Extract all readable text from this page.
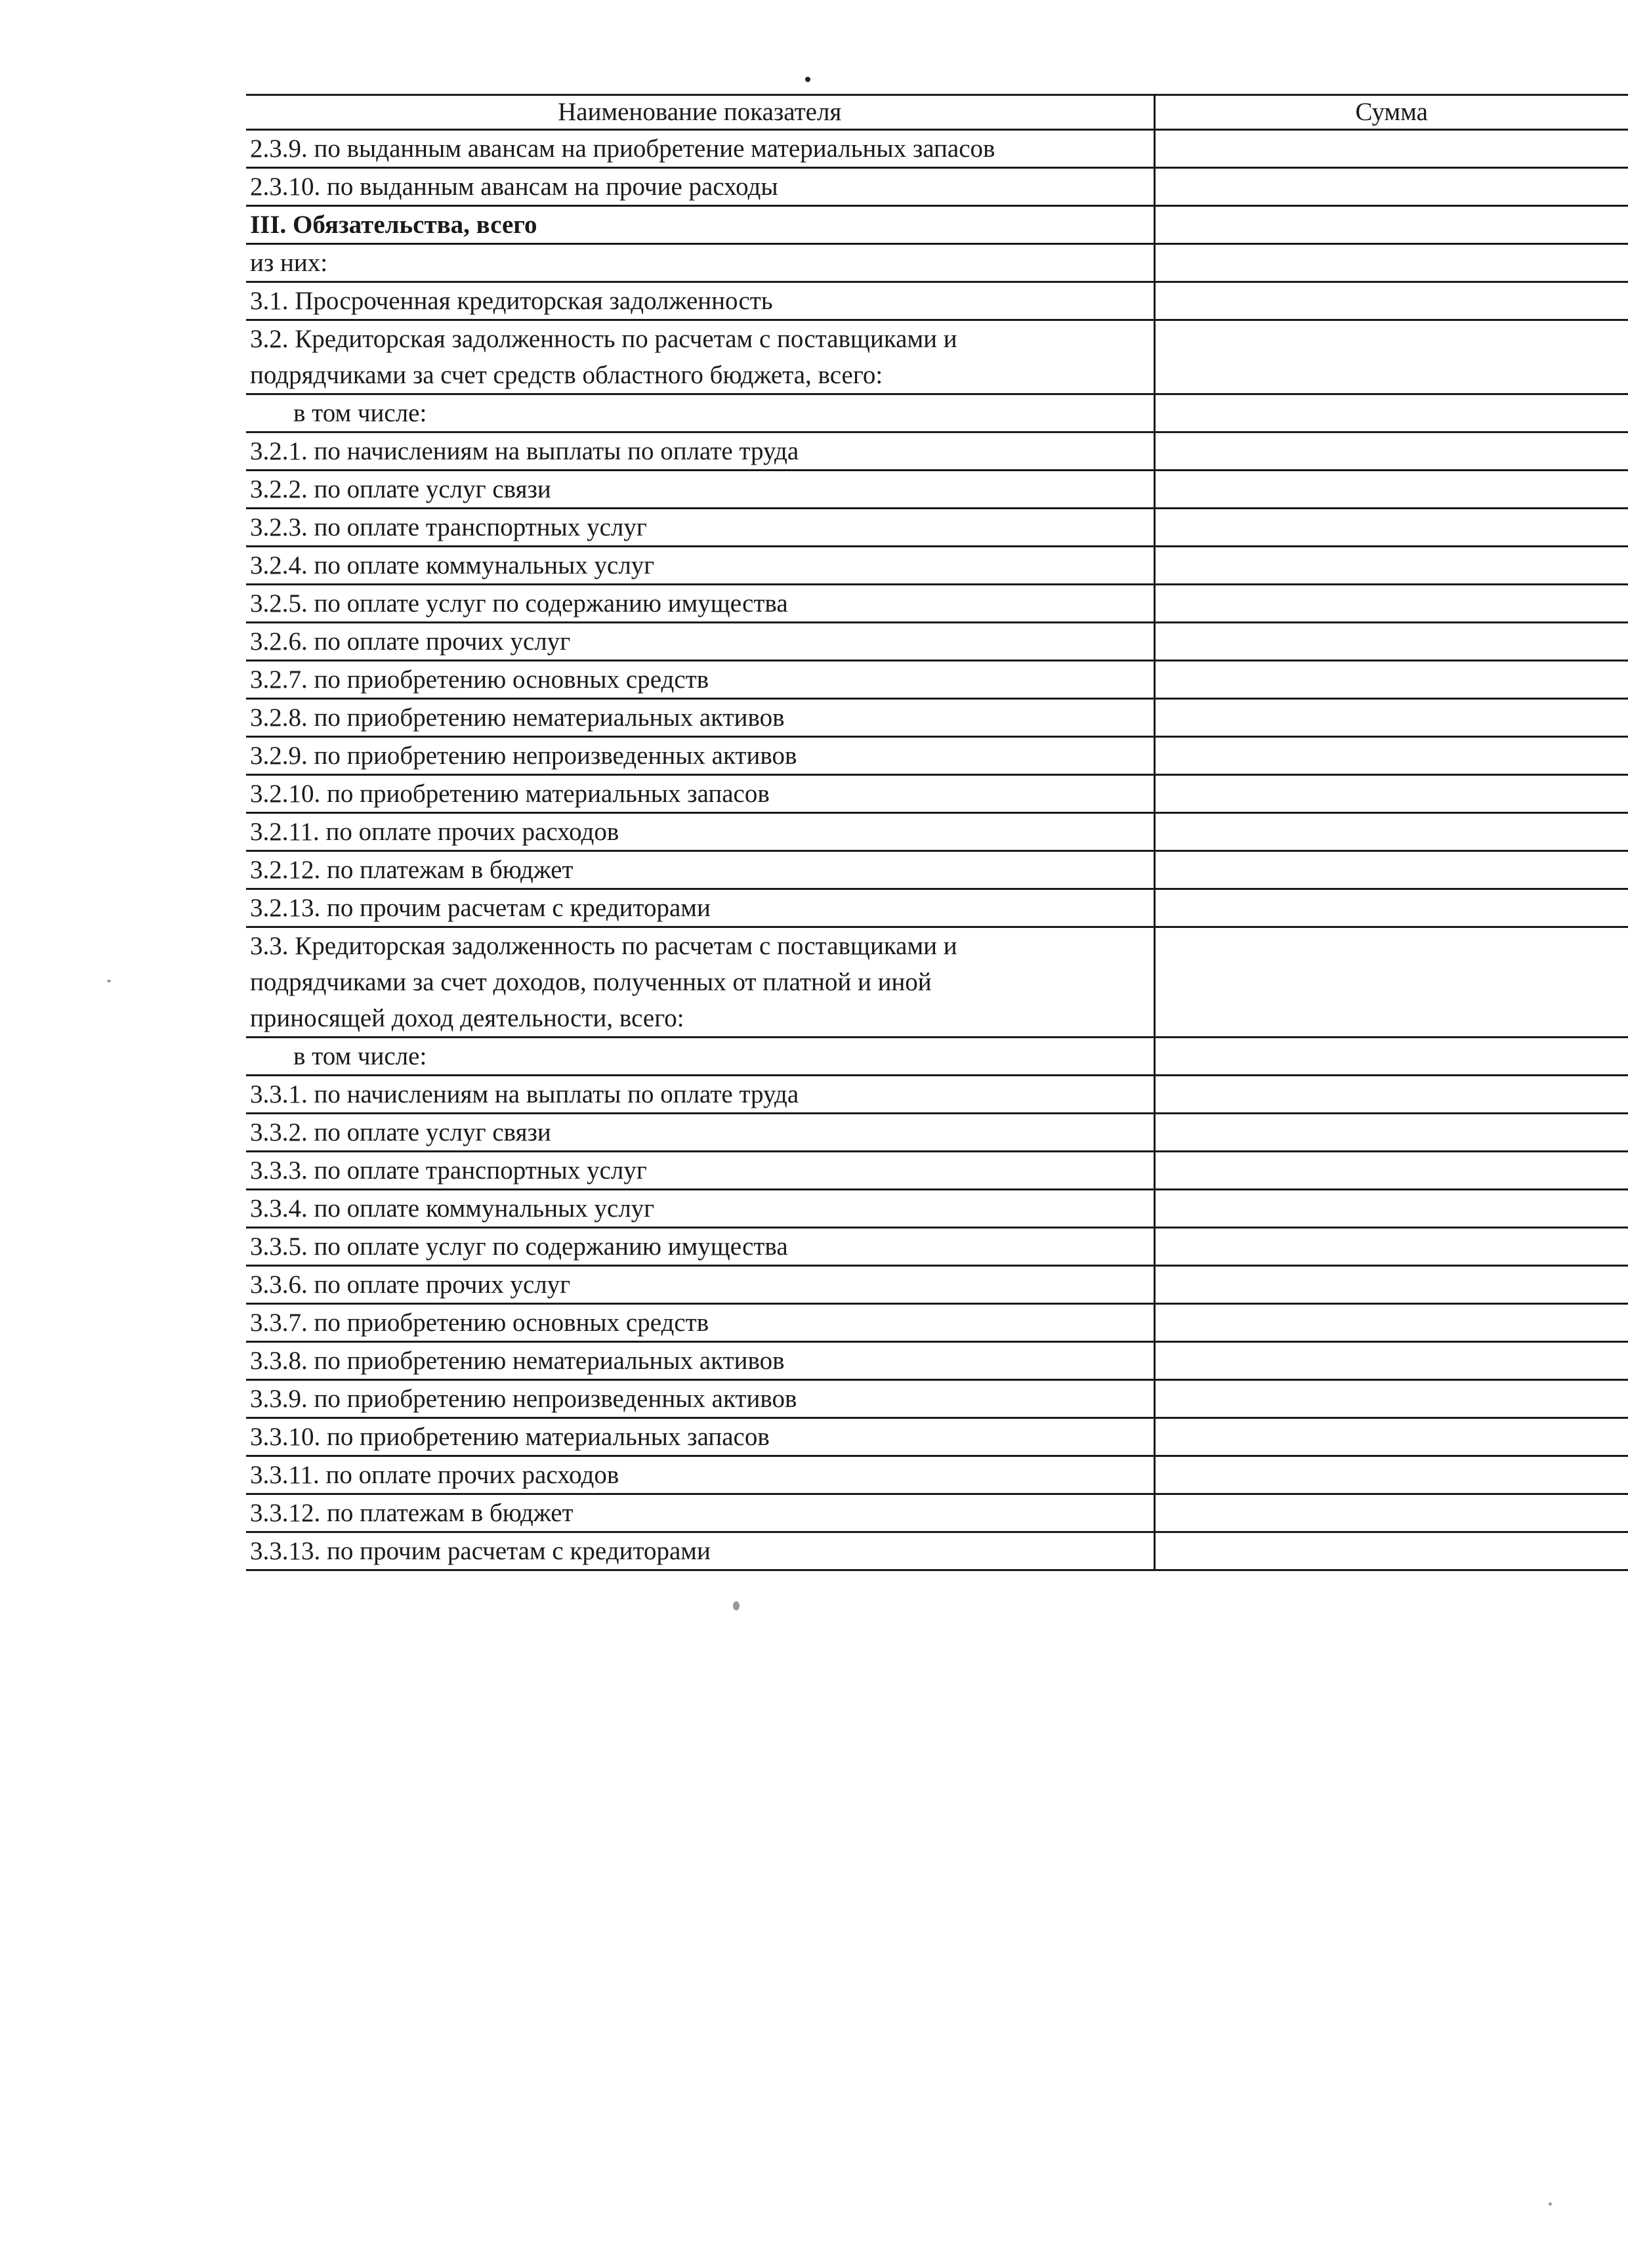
Наименование показателя	Сумма
2.3.9. по выданным авансам на приобретение материальных запасов	
2.3.10. по выданным авансам на прочие расходы	
III. Обязательства, всего	
из них:	
3.1. Просроченная кредиторская задолженность	
3.2. Кредиторская задолженность по расчетам с поставщиками и
подрядчиками за счет средств областного бюджета, всего:	
в том числе:	
3.2.1. по начислениям на выплаты по оплате труда	
3.2.2. по оплате услуг связи	
3.2.3. по оплате транспортных услуг	
3.2.4. по оплате коммунальных услуг	
3.2.5. по оплате услуг по содержанию имущества	
3.2.6. по оплате прочих услуг	
3.2.7. по приобретению основных средств	
3.2.8. по приобретению нематериальных активов	
3.2.9. по приобретению непроизведенных активов	
3.2.10. по приобретению материальных запасов	
3.2.11. по оплате прочих расходов	
3.2.12. по платежам в бюджет	
3.2.13. по прочим расчетам с кредиторами	
3.3. Кредиторская задолженность по расчетам с поставщиками и
подрядчиками за счет доходов, полученных от платной и иной
приносящей доход деятельности, всего:	
в том числе:	
3.3.1. по начислениям на выплаты по оплате труда	
3.3.2. по оплате услуг связи	
3.3.3. по оплате транспортных услуг	
3.3.4. по оплате коммунальных услуг	
3.3.5. по оплате услуг по содержанию имущества	
3.3.6. по оплате прочих услуг	
3.3.7. по приобретению основных средств	
3.3.8. по приобретению нематериальных активов	
3.3.9. по приобретению непроизведенных активов	
3.3.10. по приобретению материальных запасов	
3.3.11. по оплате прочих расходов	
3.3.12. по платежам в бюджет	
3.3.13. по прочим расчетам с кредиторами	
